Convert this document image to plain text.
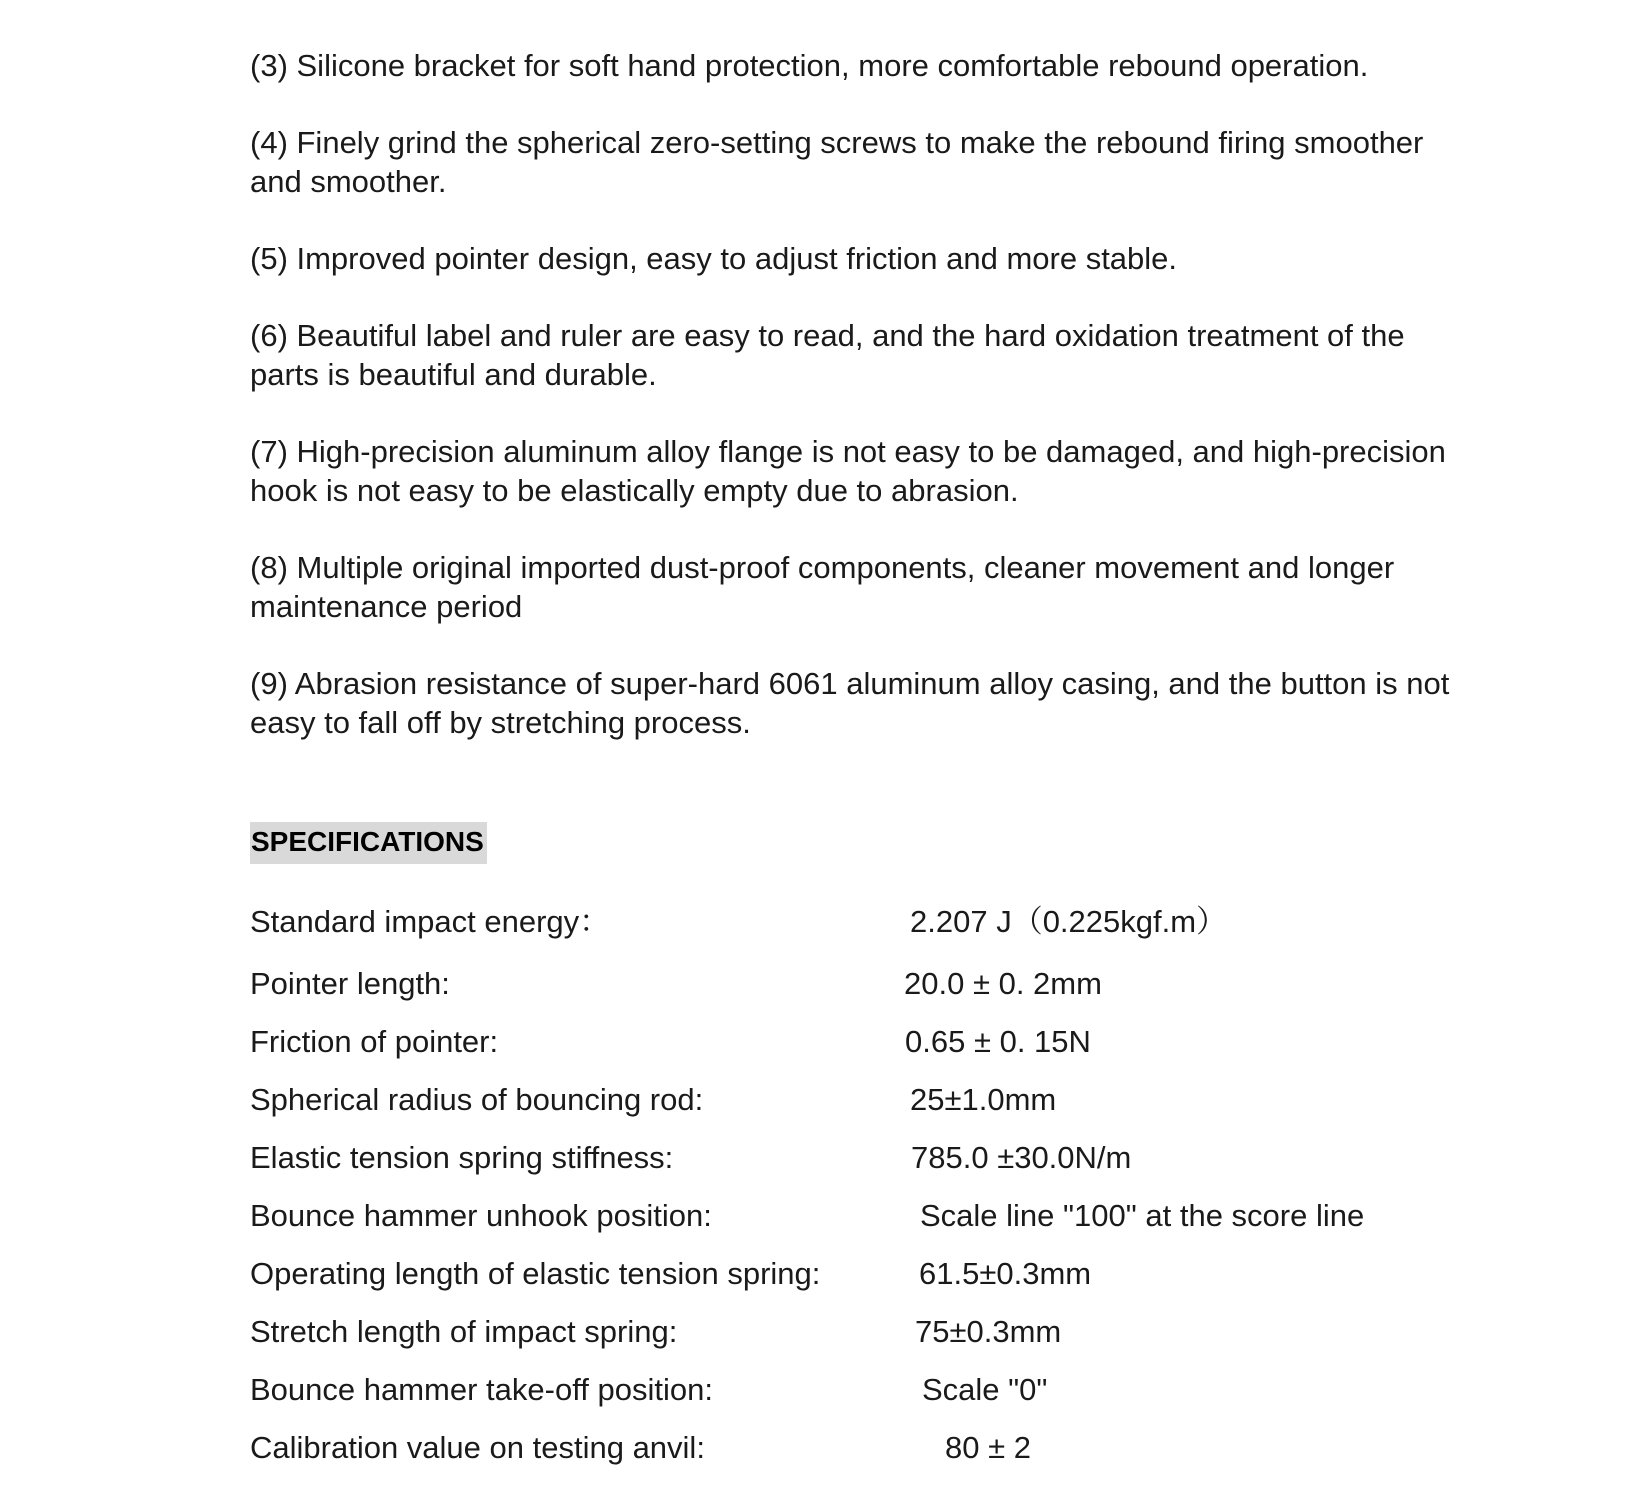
(3) Silicone bracket for soft hand protection, more comfortable rebound operation.

(4) Finely grind the spherical zero-setting screws to make the rebound firing smoother and smoother.

(5) Improved pointer design, easy to adjust friction and more stable.

(6) Beautiful label and ruler are easy to read, and the hard oxidation treatment of the parts is beautiful and durable.

(7) High-precision aluminum alloy flange is not easy to be damaged, and high-precision hook is not easy to be elastically empty due to abrasion.

(8) Multiple original imported dust-proof components, cleaner movement and longer maintenance period

(9) Abrasion resistance of super-hard 6061 aluminum alloy casing, and the button is not easy to fall off by stretching process.

SPECIFICATIONS
Standard impact energy：	2.207 J（0.225kgf.m）
Pointer length:	20.0 ± 0. 2mm
Friction of pointer:	0.65 ± 0. 15N
Spherical radius of bouncing rod:	25±1.0mm
Elastic tension spring stiffness:	785.0 ±30.0N/m
Bounce hammer unhook position:	Scale line "100" at the score line
Operating length of elastic tension spring:	61.5±0.3mm
Stretch length of impact spring:	75±0.3mm
Bounce hammer take-off position:	Scale "0"
Calibration value on testing anvil:	80 ± 2
